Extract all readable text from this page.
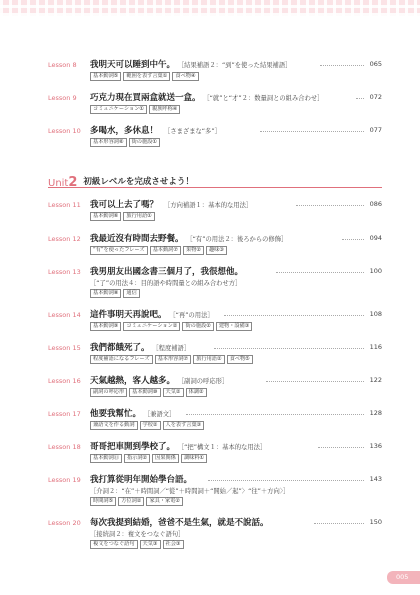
Lesson 8 我明天可以睡到中午。 ［結果補語２：“到”を使った結果補語］	065
基本動詞⑤	範囲を表す言葉①	食べ物④
Lesson 9 巧克力現在買兩盒就送一盒。 ［“就”と“才”２：数量詞との組み合わせ］	072
コミュニケーション①	親族呼称④
Lesson 10 多喝水，多休息！ ［さまざまな“多”］	077
基本形容詞⑥	街の施設①
Unit2 初級レベルを完成させよう！
Lesson 11 我可以上去了嗎？ ［方向補語１：基本的な用法］	086
基本動詞⑥	旅行用語①
Lesson 12 我最近沒有時間去野餐。 ［“有”の用法２：後ろからの修飾］	094
“有”を使ったフレーズ	基本動詞⑦	果物②	趣味③
Lesson 13 我男朋友出國念書三個月了，我很想他。	100
［“了”の用法４：目的語や時間量との組み合わせ方］
基本動詞⑧	通信
Lesson 14 這件事明天再說吧。 ［“再”の用法］	108
基本動詞⑨	コミュニケーション②	街の施設②	建物・設備③
Lesson 15 我們都餓死了。 ［程度補語］	116
程度補語になるフレーズ	基本形容詞⑦	旅行用語②	食べ物⑤
Lesson 16 天氣越熱，客人越多。 ［副詞の呼応形］	122
副詞の呼応形	基本動詞⑩	天気②	体調②
Lesson 17 他要我幫忙。 ［兼語文］	128
兼語文を作る動詞	学校②	人を表す言葉③
Lesson 18 哥哥把車開到學校了。 ［“把”構文１：基本的な用法］	136
基本動詞⑪	指示詞②	因果関係	調味料①
Lesson 19 我打算從明年開始學台語。	143
［介詞２：“在”＋時間詞／“從”＋時間詞＋“開始／起”〉“往”＋方向〉］
時間詞⑤	方位詞②	家具・家電②
Lesson 20 每次我提到結婚，爸爸不是生氣，就是不說話。	150
［接続詞２：複文をつなぐ語句］
複文をつなぐ語句	天気③	社会③
005
